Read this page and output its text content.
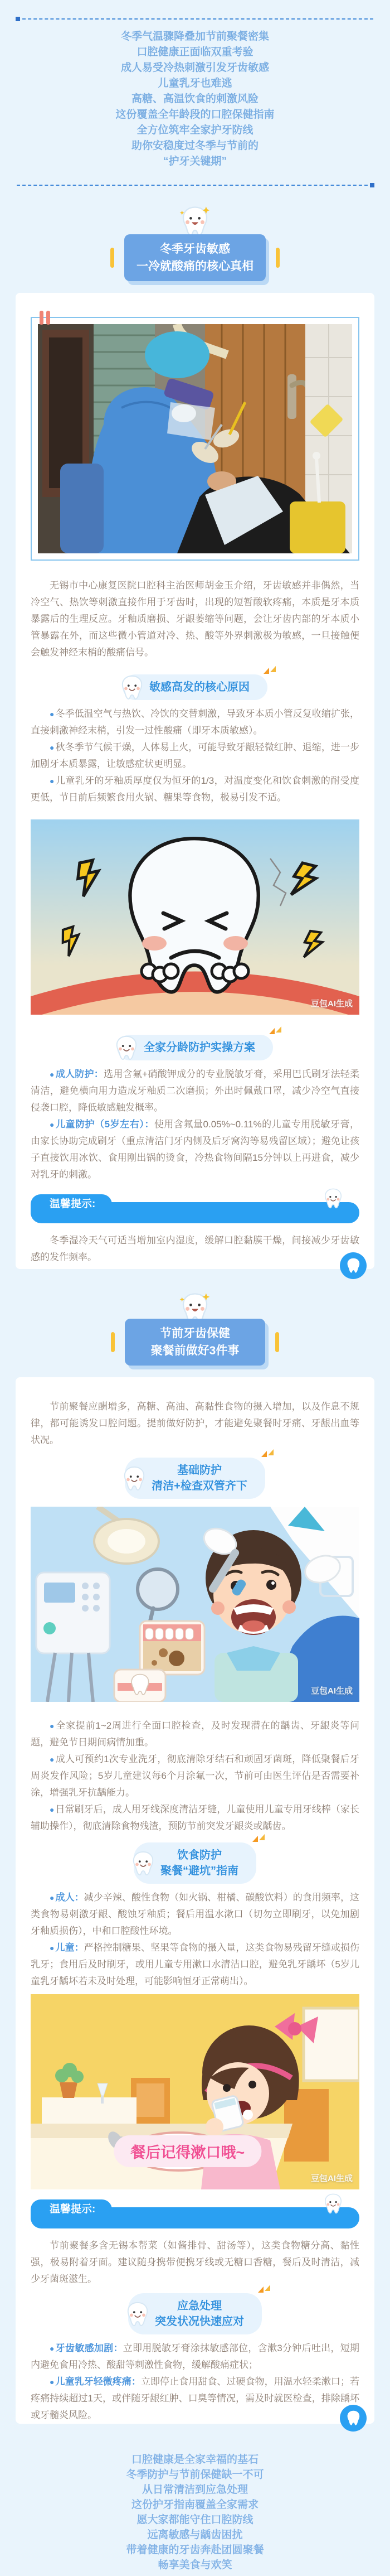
冬季气温骤降叠加节前聚餐密集
口腔健康正面临双重考验
成人易受冷热刺激引发牙齿敏感
儿童乳牙也难逃
高糖、高温饮食的刺激风险
这份覆盖全年龄段的口腔保健指南
全方位筑牢全家护牙防线
助你安稳度过冬季与节前的
“护牙关键期”
冬季牙齿敏感
一冷就酸痛的核心真相

无锡市中心康复医院口腔科主治医师胡金玉介绍，牙齿敏感并非偶然，当冷空气、热饮等刺激直接作用于牙齿时，出现的短暂酸软疼痛，本质是牙本质暴露后的生理反应。牙釉质磨损、牙龈萎缩等问题，会让牙齿内部的牙本质小管暴露在外，而这些微小管道对冷、热、酸等外界刺激极为敏感，一旦接触便会触发神经末梢的酸痛信号。

敏感高发的核心原因

● 冬季低温空气与热饮、冷饮的交替刺激，导致牙本质小管反复收缩扩张，直接刺激神经末梢，引发一过性酸痛（即牙本质敏感）。

● 秋冬季节气候干燥，人体易上火，可能导致牙龈轻微红肿、退缩，进一步加剧牙本质暴露，让敏感症状更明显。

● 儿童乳牙的牙釉质厚度仅为恒牙的1/3，对温度变化和饮食刺激的耐受度更低，节日前后频繁食用火锅、糖果等食物，极易引发不适。

豆包AI生成
全家分龄防护实操方案

● 成人防护：选用含氟+硝酸钾成分的专业脱敏牙膏，采用巴氏刷牙法轻柔清洁，避免横向用力造成牙釉质二次磨损；外出时佩戴口罩，减少冷空气直接侵袭口腔，降低敏感触发概率。

● 儿童防护（5岁左右）：使用含氟量0.05%~0.11%的儿童专用脱敏牙膏，由家长协助完成刷牙（重点清洁门牙内侧及后牙窝沟等易残留区域）；避免让孩子直接饮用冰饮、食用刚出锅的烫食，冷热食物间隔15分钟以上再进食，减少对乳牙的刺激。

温馨提示:

冬季湿冷天气可适当增加室内湿度，缓解口腔黏膜干燥，间接减少牙齿敏感的发作频率。

节前牙齿保健
聚餐前做好3件事

节前聚餐应酬增多，高糖、高油、高黏性食物的摄入增加，以及作息不规律，都可能诱发口腔问题。提前做好防护，才能避免聚餐时牙痛、牙龈出血等状况。

基础防护
清洁+检查双管齐下
豆包AI生成

● 全家提前1~2周进行全面口腔检查，及时发现潜在的龋齿、牙龈炎等问题，避免节日期间病情加重。

● 成人可预约1次专业洗牙，彻底清除牙结石和顽固牙菌斑，降低聚餐后牙周炎发作风险；5岁儿童建议每6个月涂氟一次，节前可由医生评估是否需要补涂，增强乳牙抗龋能力。

● 日常刷牙后，成人用牙线深度清洁牙缝，儿童使用儿童专用牙线棒（家长辅助操作），彻底清除食物残渣，预防节前突发牙龈炎或龋齿。

饮食防护
聚餐“避坑”指南

● 成人：减少辛辣、酸性食物（如火锅、柑橘、碳酸饮料）的食用频率，这类食物易刺激牙龈、酸蚀牙釉质；餐后用温水漱口（切勿立即刷牙，以免加剧牙釉质损伤），中和口腔酸性环境。

● 儿童：严格控制糖果、坚果等食物的摄入量，这类食物易残留牙缝或损伤乳牙；食用后及时刷牙，或用儿童专用漱口水清洁口腔，避免乳牙龋坏（5岁儿童乳牙龋坏若未及时处理，可能影响恒牙正常萌出）。

餐后记得漱口哦~
豆包AI生成
温馨提示:

节前聚餐多含无锡本帮菜（如酱排骨、甜汤等），这类食物糖分高、黏性强，极易附着牙面。建议随身携带便携牙线或无糖口香糖，餐后及时清洁，减少牙菌斑滋生。

应急处理
突发状况快速应对

● 牙齿敏感加剧：立即用脱敏牙膏涂抹敏感部位，含漱3分钟后吐出，短期内避免食用冷热、酸甜等刺激性食物，缓解酸痛症状；

● 儿童乳牙轻微疼痛：立即停止食用甜食、过硬食物，用温水轻柔漱口；若疼痛持续超过1天，或伴随牙龈红肿、口臭等情况，需及时就医检查，排除龋坏或牙髓炎风险。

口腔健康是全家幸福的基石
冬季防护与节前保健缺一不可
从日常清洁到应急处理
这份护牙指南覆盖全家需求
愿大家都能守住口腔防线
远离敏感与龋齿困扰
带着健康的牙齿奔赴团圆聚餐
畅享美食与欢笑
